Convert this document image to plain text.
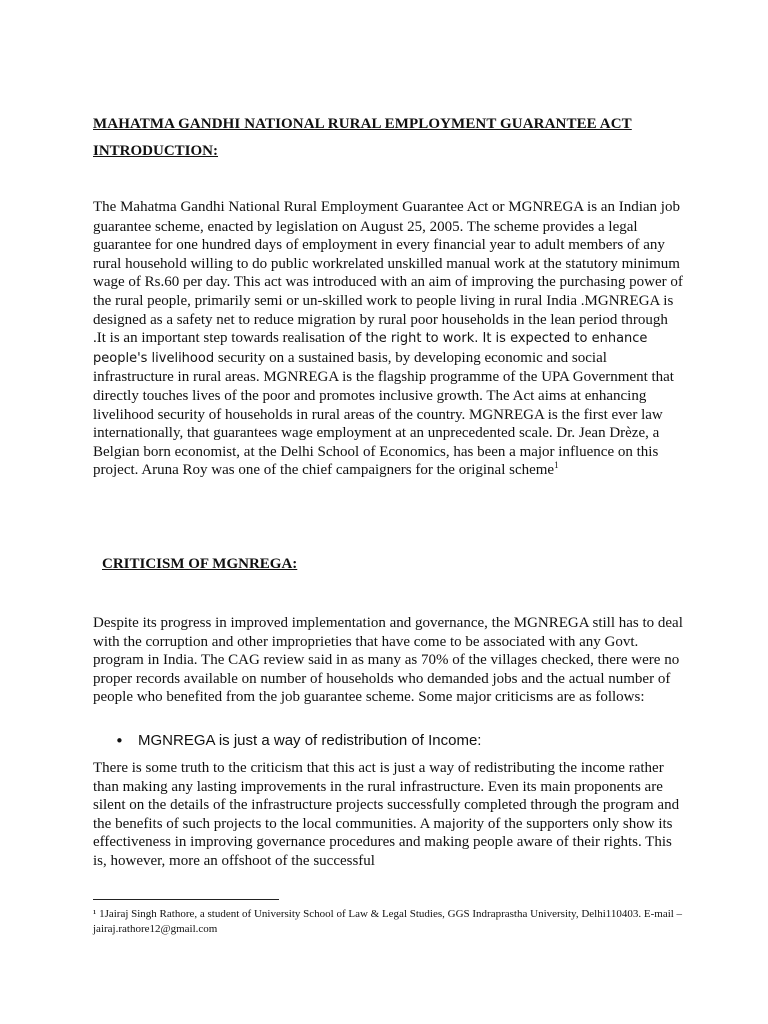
MAHATMA GANDHI NATIONAL RURAL EMPLOYMENT GUARANTEE ACT
INTRODUCTION:

The Mahatma Gandhi National Rural Employment Guarantee Act or MGNREGA is an Indian job guarantee scheme, enacted by legislation on August 25, 2005. The scheme provides a legal guarantee for one hundred days of employment in every financial year to adult members of any rural household willing to do public workrelated unskilled manual work at the statutory minimum wage of Rs.60 per day. This act was introduced with an aim of improving the purchasing power of the rural people, primarily semi or un-skilled work to people living in rural India .MGNREGA is designed as a safety net to reduce migration by rural poor households in the lean period through .It is an important step towards realisation of the right to work. It is expected to enhance people's livelihood security on a sustained basis, by developing economic and social infrastructure in rural areas. MGNREGA is the flagship programme of the UPA Government that directly touches lives of the poor and promotes inclusive growth. The Act aims at enhancing livelihood security of households in rural areas of the country. MGNREGA is the first ever law internationally, that guarantees wage employment at an unprecedented scale. Dr. Jean Drèze, a Belgian born economist, at the Delhi School of Economics, has been a major influence on this project. Aruna Roy was one of the chief campaigners for the original scheme$^1$

CRITICISM OF MGNREGA:

Despite its progress in improved implementation and governance, the MGNREGA still has to deal with the corruption and other improprieties that have come to be associated with any Govt. program in India. The CAG review said in as many as 70% of the villages checked, there were no proper records available on number of households who demanded jobs and the actual number of people who benefited from the job guarantee scheme. Some major criticisms are as follows:

• MGNREGA is just a way of redistribution of Income:

There is some truth to the criticism that this act is just a way of redistributing the income rather than making any lasting improvements in the rural infrastructure. Even its main proponents are silent on the details of the infrastructure projects successfully completed through the program and the benefits of such projects to the local communities. A majority of the supporters only show its effectiveness in improving governance procedures and making people aware of their rights. This is, however, more an offshoot of the successful

¹ 1Jairaj Singh Rathore, a student of University School of Law & Legal Studies, GGS Indraprastha University, Delhi110403. E-mail – jairaj.rathore12@gmail.com
